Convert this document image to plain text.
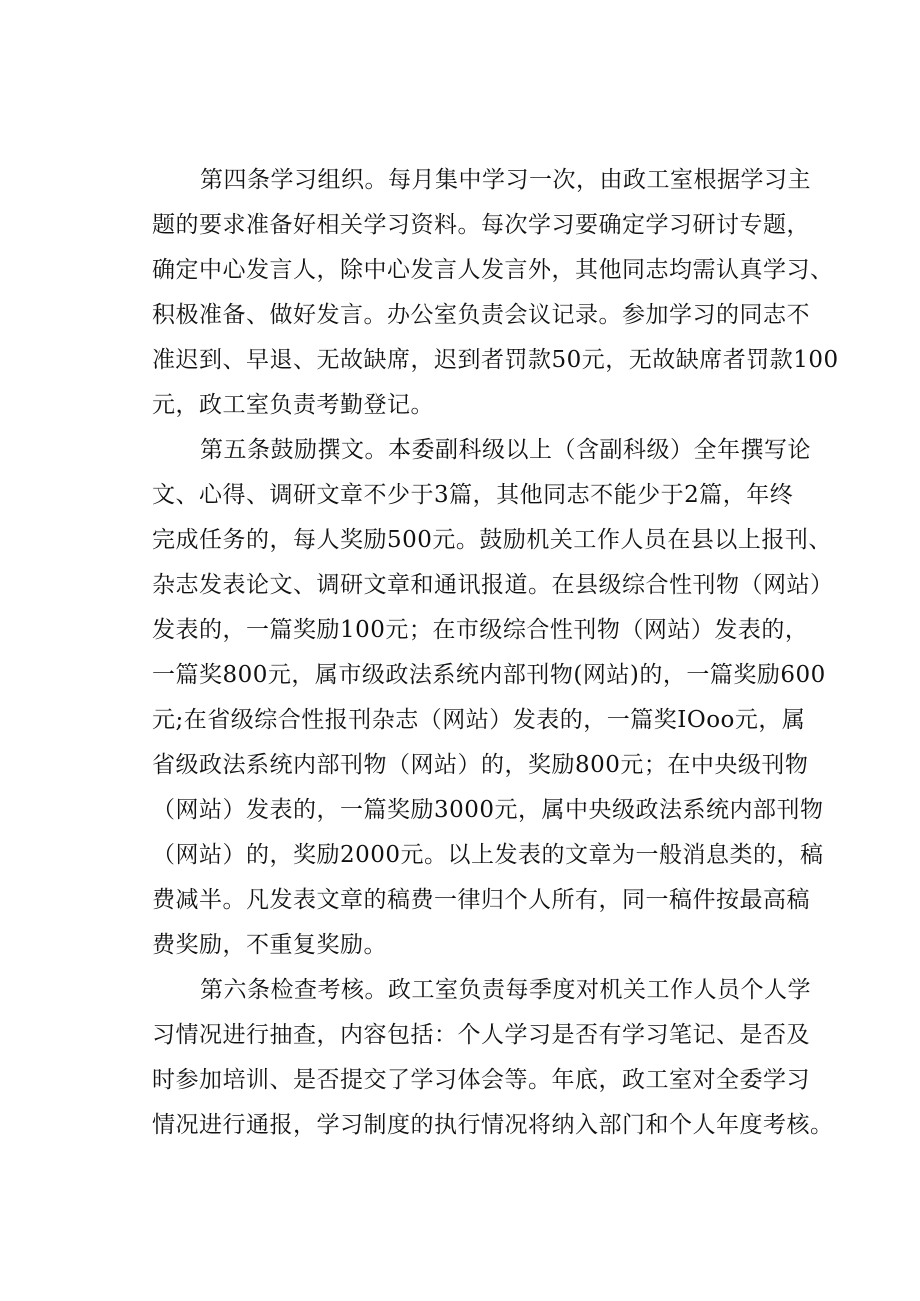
第四条学习组织。每月集中学习一次，由政工室根据学习主
题的要求准备好相关学习资料。每次学习要确定学习研讨专题，
确定中心发言人，除中心发言人发言外，其他同志均需认真学习、
积极准备、做好发言。办公室负责会议记录。参加学习的同志不
准迟到、早退、无故缺席，迟到者罚款50元，无故缺席者罚款100
元，政工室负责考勤登记。
第五条鼓励撰文。本委副科级以上（含副科级）全年撰写论
文、心得、调研文章不少于3篇，其他同志不能少于2篇，年终
完成任务的，每人奖励500元。鼓励机关工作人员在县以上报刊、
杂志发表论文、调研文章和通讯报道。在县级综合性刊物（网站）
发表的，一篇奖励100元；在市级综合性刊物（网站）发表的，
一篇奖800元，属市级政法系统内部刊物(网站)的，一篇奖励600
元;在省级综合性报刊杂志（网站）发表的，一篇奖IOoo元，属
省级政法系统内部刊物（网站）的，奖励800元；在中央级刊物
（网站）发表的，一篇奖励3000元，属中央级政法系统内部刊物
（网站）的，奖励2000元。以上发表的文章为一般消息类的，稿
费减半。凡发表文章的稿费一律归个人所有，同一稿件按最高稿
费奖励，不重复奖励。
第六条检查考核。政工室负责每季度对机关工作人员个人学
习情况进行抽查，内容包括：个人学习是否有学习笔记、是否及
时参加培训、是否提交了学习体会等。年底，政工室对全委学习
情况进行通报，学习制度的执行情况将纳入部门和个人年度考核。
